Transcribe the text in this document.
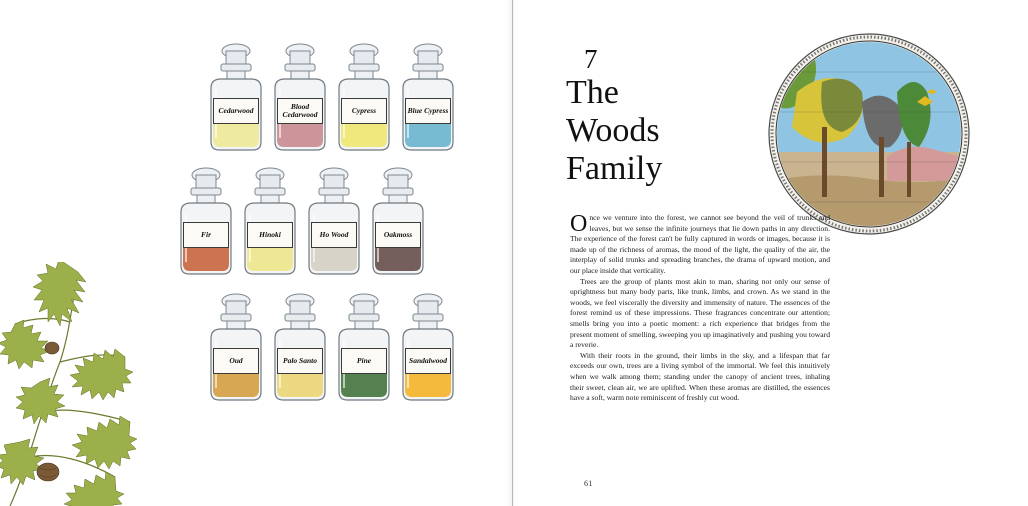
Cedarwood	Blood Cedarwood	Cypress	Blue Cypress
Fir	Hinoki	Ho Wood	Oakmoss
Oud	Palo Santo	Pine	Sandalwood
7
The
Woods
Family

Once we venture into the forest, we cannot see beyond the veil of trunks and leaves, but we sense the infinite journeys that lie down paths in any direction. The experience of the forest can't be fully captured in words or images, because it is made up of the richness of aromas, the mood of the light, the quality of the air, the interplay of solid trunks and spreading branches, the drama of upward motion, and our place inside that verticality.

Trees are the group of plants most akin to man, sharing not only our sense of uprightness but many body parts, like trunk, limbs, and crown. As we stand in the woods, we feel viscerally the diversity and immensity of nature. The essences of the forest remind us of these impressions. These fragrances concentrate our attention; smells bring you into a poetic moment: a rich experience that bridges from the present moment of smelling, sweeping you up imaginatively and pushing you toward a reverie.

With their roots in the ground, their limbs in the sky, and a lifespan that far exceeds our own, trees are a living symbol of the immortal. We feel this intuitively when we walk among them; standing under the canopy of ancient trees, inhaling their sweet, clean air, we are uplifted. When these aromas are distilled, the essences have a soft, warm note reminiscent of freshly cut wood.

61
